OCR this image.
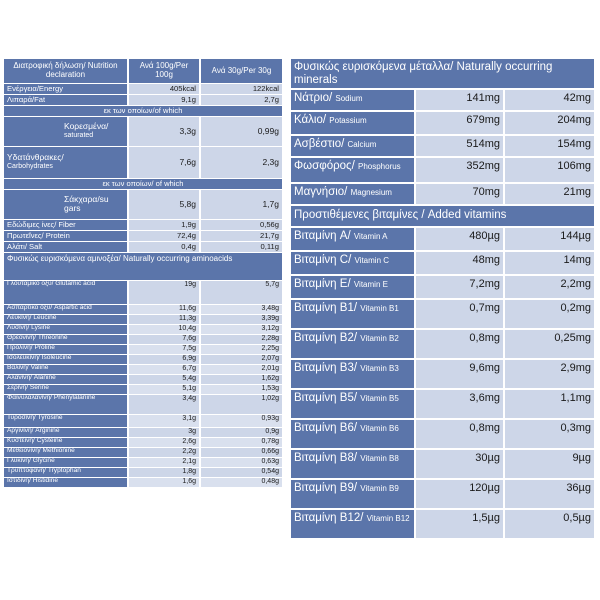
Διατροφική δήλωση/ Nutrition declaration	Ανά 100g/Per 100g	Ανά 30g/Per 30g
Ενέργεια/Energy	405kcal	122kcal
Λιπαρά/Fat	9,1g	2,7g
εκ των οποίων/of which		
Κορεσμένα/
saturated	3,3g	0,99g
Υδατάνθρακες/
Carbohydrates	7,6g	2,3g
εκ των οποίων/ of which		
Σάκχαρα/su
gars	5,8g	1,7g
Εδώδιμες ίνες/ Fiber	1,9g	0,56g
Πρωτεΐνες/ Protein	72,4g	21,7g
Αλάτι/ Salt	0,4g	0,11g
Φυσικώς ευρισκόμενα αμινοξέα/ Naturally occurring aminoacids		
Γλουταμικό οξύ/ Glutamic acid	19g	5,7g
Ασπαρτικό οξύ/ Aspartic acid	11,6g	3,48g
Λευκίνη/ Leucine	11,3g	3,39g
Λυσίνη/ Lysine	10,4g	3,12g
Θρεονίνη/ Threonine	7,6g	2,28g
Προλίνη/ Proline	7,5g	2,25g
Ισολευκίνη/ Isoleucine	6,9g	2,07g
Βαλίνη/ Valine	6,7g	2,01g
Αλανίνη/ Alanine	5,4g	1,62g
Σερίνη/ Serine	5,1g	1,53g
Φαινυλαλανίνη/ Phenylalanine	3,4g	1,02g
Τυροσίνη/ Tyrosine	3,1g	0,93g
Αργινίνη/ Arginine	3g	0,9g
Κυστεΐνη/ Cysteine	2,6g	0,78g
Μεθειονίνη/ Methionine	2,2g	0,66g
Γλυκίνη/ Glycine	2,1g	0,63g
Τρυπτοφάνη/ Tryptophan	1,8g	0,54g
Ιστιδίνη/ Histidine	1,6g	0,48g
Φυσικώς ευρισκόμενα μέταλλα/ Naturally occurring minerals		
Νάτριο/ Sodium	141mg	42mg
Κάλιο/ Potassium	679mg	204mg
Ασβέστιο/ Calcium	514mg	154mg
Φωσφόρος/ Phosphorus	352mg	106mg
Μαγνήσιο/ Magnesium	70mg	21mg
Προστιθέμενες βιταμίνες / Added vitamins		
Βιταμίνη A/ Vitamin A	480µg	144µg
Βιταμίνη C/ Vitamin C	48mg	14mg
Βιταμίνη E/ Vitamin E	7,2mg	2,2mg
Βιταμίνη B1/ Vitamin B1	0,7mg	0,2mg
Βιταμίνη B2/ Vitamin B2	0,8mg	0,25mg
Βιταμίνη B3/ Vitamin B3	9,6mg	2,9mg
Βιταμίνη B5/ Vitamin B5	3,6mg	1,1mg
Βιταμίνη B6/ Vitamin B6	0,8mg	0,3mg
Βιταμίνη B8/ Vitamin B8	30µg	9µg
Βιταμίνη B9/ Vitamin B9	120µg	36µg
Βιταμίνη B12/ Vitamin B12	1,5µg	0,5µg
